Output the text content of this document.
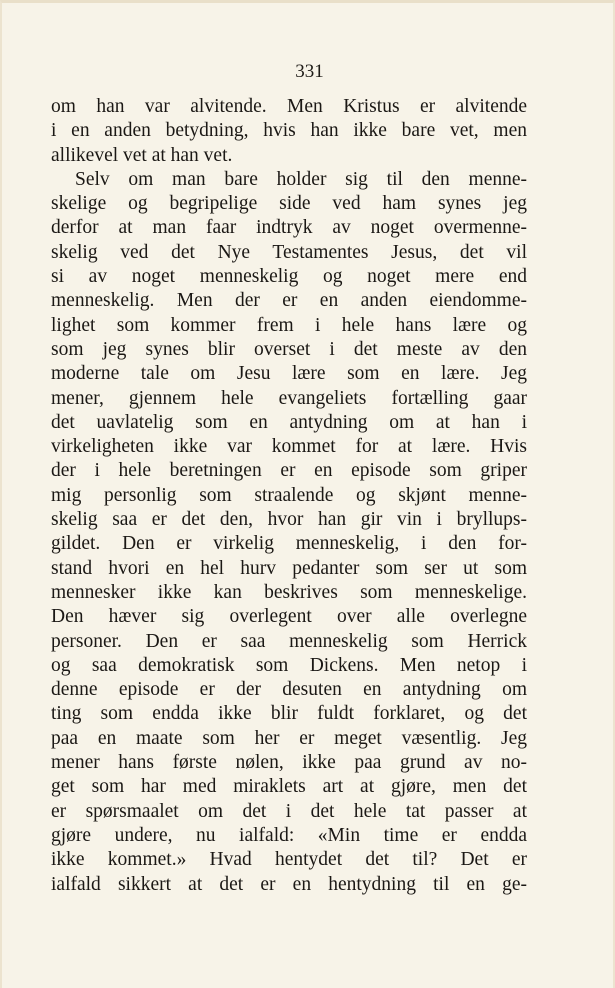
331
om han var alvitende. Men Kristus er alvitende
i en anden betydning, hvis han ikke bare vet, men
allikevel vet at han vet.
Selv om man bare holder sig til den menne-
skelige og begripelige side ved ham synes jeg
derfor at man faar indtryk av noget overmenne-
skelig ved det Nye Testamentes Jesus, det vil
si av noget menneskelig og noget mere end
menneskelig. Men der er en anden eiendomme-
lighet som kommer frem i hele hans lære og
som jeg synes blir overset i det meste av den
moderne tale om Jesu lære som en lære. Jeg
mener, gjennem hele evangeliets fortælling gaar
det uavlatelig som en antydning om at han i
virkeligheten ikke var kommet for at lære. Hvis
der i hele beretningen er en episode som griper
mig personlig som straalende og skjønt menne-
skelig saa er det den, hvor han gir vin i bryllups-
gildet. Den er virkelig menneskelig, i den for-
stand hvori en hel hurv pedanter som ser ut som
mennesker ikke kan beskrives som menneskelige.
Den hæver sig overlegent over alle overlegne
personer. Den er saa menneskelig som Herrick
og saa demokratisk som Dickens. Men netop i
denne episode er der desuten en antydning om
ting som endda ikke blir fuldt forklaret, og det
paa en maate som her er meget væsentlig. Jeg
mener hans første nølen, ikke paa grund av no-
get som har med miraklets art at gjøre, men det
er spørsmaalet om det i det hele tat passer at
gjøre undere, nu ialfald: «Min time er endda
ikke kommet.» Hvad hentydet det til? Det er
ialfald sikkert at det er en hentydning til en ge-
